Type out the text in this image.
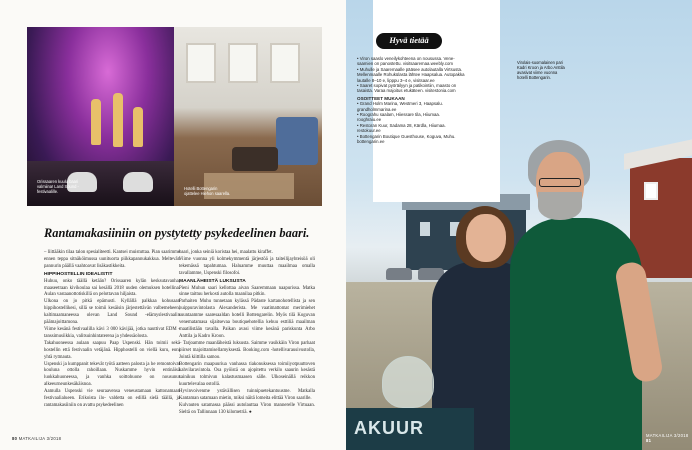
Orissaaren kuulu baari valmiina! Land Sound -festivaalille.
Hotelli Bottengarin ojattelee Hiehon saarella.
Rantamakasiiniin on pystytetty psykedeelinen baari.

– liittääkin tilaa talon spesialiteetti. Kantsei muistuttaa. Pian saarimme ennen teppa sitnäköimussa uunituorta piikkapannukakkua. Meltevän pannurin päällä vaahtoavat lisäkastikkeita.

HIPPIHOSTELLIN IDEALISTIT

Huhuu, onko täällä ketään? Orissaaren kylän kesksutavanha, maaseetraan kivikoulaa sai kesällä 2018 uuden olemuksen hotellina. Aulan vastaanottotiskillä on pelottavan hiljaista.

Ulkona on jo pitkä epämusti. Kyllällä palkkaa kohusaan hippihostellikesi, sillä se toimii kesäisin järjestettävän valbemeheen, kaltimaamaneessa olevan Land Sound -elämyslestivaalin päämajoittamona.

Viime kesänä festivaalilla kävi 3 000 kävijää, jotka nauttivat EDM -tanssimusiikkia, valitsuinhintaterena ja yhdessäolosta.

Takahuoneessa aulaan saapuu Paap Uspenski. Hän toimii sekä hostellin että festivaalin vetäjänä. Hipphostelli on viellä kuru, eoni yhtä rytmauta.

Uspenski ja kumppanit tekevät työtä aatteen palosta ja he remontoivat kouluna ottolla rahoillaan. Nuskamme hyvin entinäisä luokkahuoneessa, ja vanhka soittohuone on nousunut alkeeurneunkesäkäisnoa.

Aamulla Uspenski vie seuraavensa veneustamaan kattonamaan festivaalialueen. Erikoista ilo- valdetta on edillä sielä täällä, ja rantamakasiiniin on avattu psykedeelinen

baari, jonka seiniä koristaa hei, maalattu kiraffet.

Viime vuonna yli kolmekymmentä järjestöä ja taiteilijayhteisöä oli tekemässä tapahtumaa. Haluamme muuttaa maailmaa omalla tavallamme, Uspenski filosofoi.

MAANLÄHEISTÄ LUKSUSTA

Pieni Muhun saari kellottaa aivan Saaremmaan naapurissa. Matka sinne taittuu herkosti autolla maanilaa pitkin.

Parhaiten Muhu tunnetaan kylässä Pädaste kartanohotellista ja sen huippuravintolasta Alexanderista. Me vaatimattomat merimiehet suuntaamme saaresaaldan hotelli Bottengarelin. Myös tilä Koguvan venematamasa sijaitsevaa boutiquehotellia kehuu esttiliä maailman maatilistään tavalla. Paikan avasi viime kesänä pariskunta Arbo Anttila ja Kadro Kroon.

– Tarjoamme maanläheistä luksusta. Saimme vasikkäin Viron parhaat piirset majoittamisellamyksestä. Booking.com -hotellivarausivustolla, Jointä kiittilla samoo.

Bottengarin maapuuriua vanhassa tiakonuksessa toimiiyotpuuttoven kahvilaravintola. Osa pyöistä on ajopitettu verkilo saaurin kesästä sainikuu tolmivun kalastusmaasen sälle. Ulkoseinällä reikkon kuurtelevalaa ostollä.

Hyvinvoivenme ystävällisen tuinnipuetekantuusme. Matkalla Kantaman satamaan mietin, miksi näitä lomeita elittää Viron saarille.

Kulvauten satamassa päässi autolauttaa Viron mannerelle Virtuaan. Sieltä on Tallinnaan 130 kilometriä. ●

80 MATKAILIJA 3/2018
AKUUR
Hyvä tietää

• Viron saaslo veneilykohteena on nousussa. Venesaamien on panostettu. visitsaaremaa.weebly.com

• Muhulle ja Saaremaalle pääsee autolautalla Virtsusta. Mellenmaalle Rohukülasta lähtee Haapsalua. Autopakka lautalle 8–10 e, lipppu 3–4 e, visitsaar.ee

• Saaret sopivat pyöräilyyn ja patikointiin, maasto on tasaista. Varaa majoitus etukäteen. visitestonia.com

OSOITTEET MUKAAN

• Grand Holm Marina, Westmeri 3, Haapsalu. grandholmmarina.ee

• Roograhu saalam, Hiiessare tila, Hiiumaa. rooghraiu.ee

• Restoran Kuur, Sadama 28, Kärdla, Hiiumaa. restokuur.ee

• Bottengarin Boutique Guesthouse, Koguva, Muhu. bottengarin.ee

Virolais-suomalainen pari Kadri Kroon ja Arbo Anttila avasivat viime vuonna hotelli Bottengarin.
MATKAILIJA 3/2018 81
